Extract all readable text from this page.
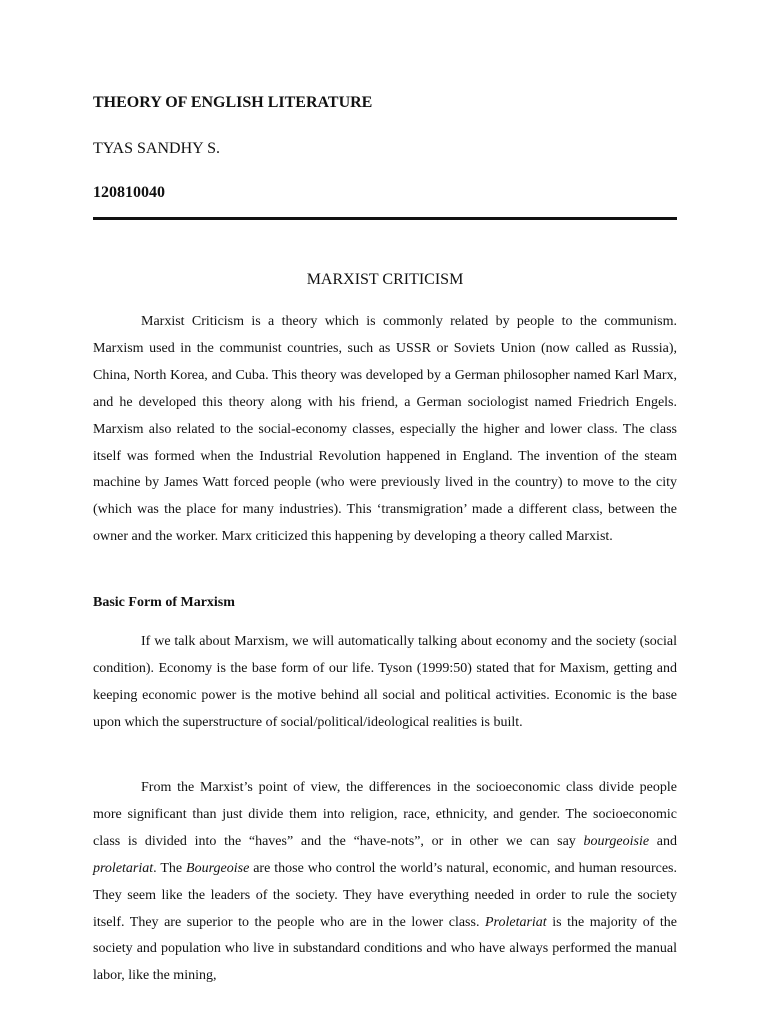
THEORY OF ENGLISH LITERATURE
TYAS SANDHY S.
120810040
MARXIST CRITICISM

Marxist Criticism is a theory which is commonly related by people to the communism. Marxism used in the communist countries, such as USSR or Soviets Union (now called as Russia), China, North Korea, and Cuba. This theory was developed by a German philosopher named Karl Marx, and he developed this theory along with his friend, a German sociologist named Friedrich Engels. Marxism also related to the social-economy classes, especially the higher and lower class. The class itself was formed when the Industrial Revolution happened in England. The invention of the steam machine by James Watt forced people (who were previously lived in the country) to move to the city (which was the place for many industries). This ‘transmigration’ made a different class, between the owner and the worker. Marx criticized this happening by developing a theory called Marxist.

Basic Form of Marxism

If we talk about Marxism, we will automatically talking about economy and the society (social condition). Economy is the base form of our life. Tyson (1999:50) stated that for Maxism, getting and keeping economic power is the motive behind all social and political activities. Economic is the base upon which the superstructure of social/political/ideological realities is built.

From the Marxist’s point of view, the differences in the socioeconomic class divide people more significant than just divide them into religion, race, ethnicity, and gender. The socioeconomic class is divided into the “haves” and the “have-nots”, or in other we can say bourgeoisie and proletariat. The Bourgeoise are those who control the world’s natural, economic, and human resources. They seem like the leaders of the society. They have everything needed in order to rule the society itself. They are superior to the people who are in the lower class. Proletariat is the majority of the society and population who live in substandard conditions and who have always performed the manual labor, like the mining,
